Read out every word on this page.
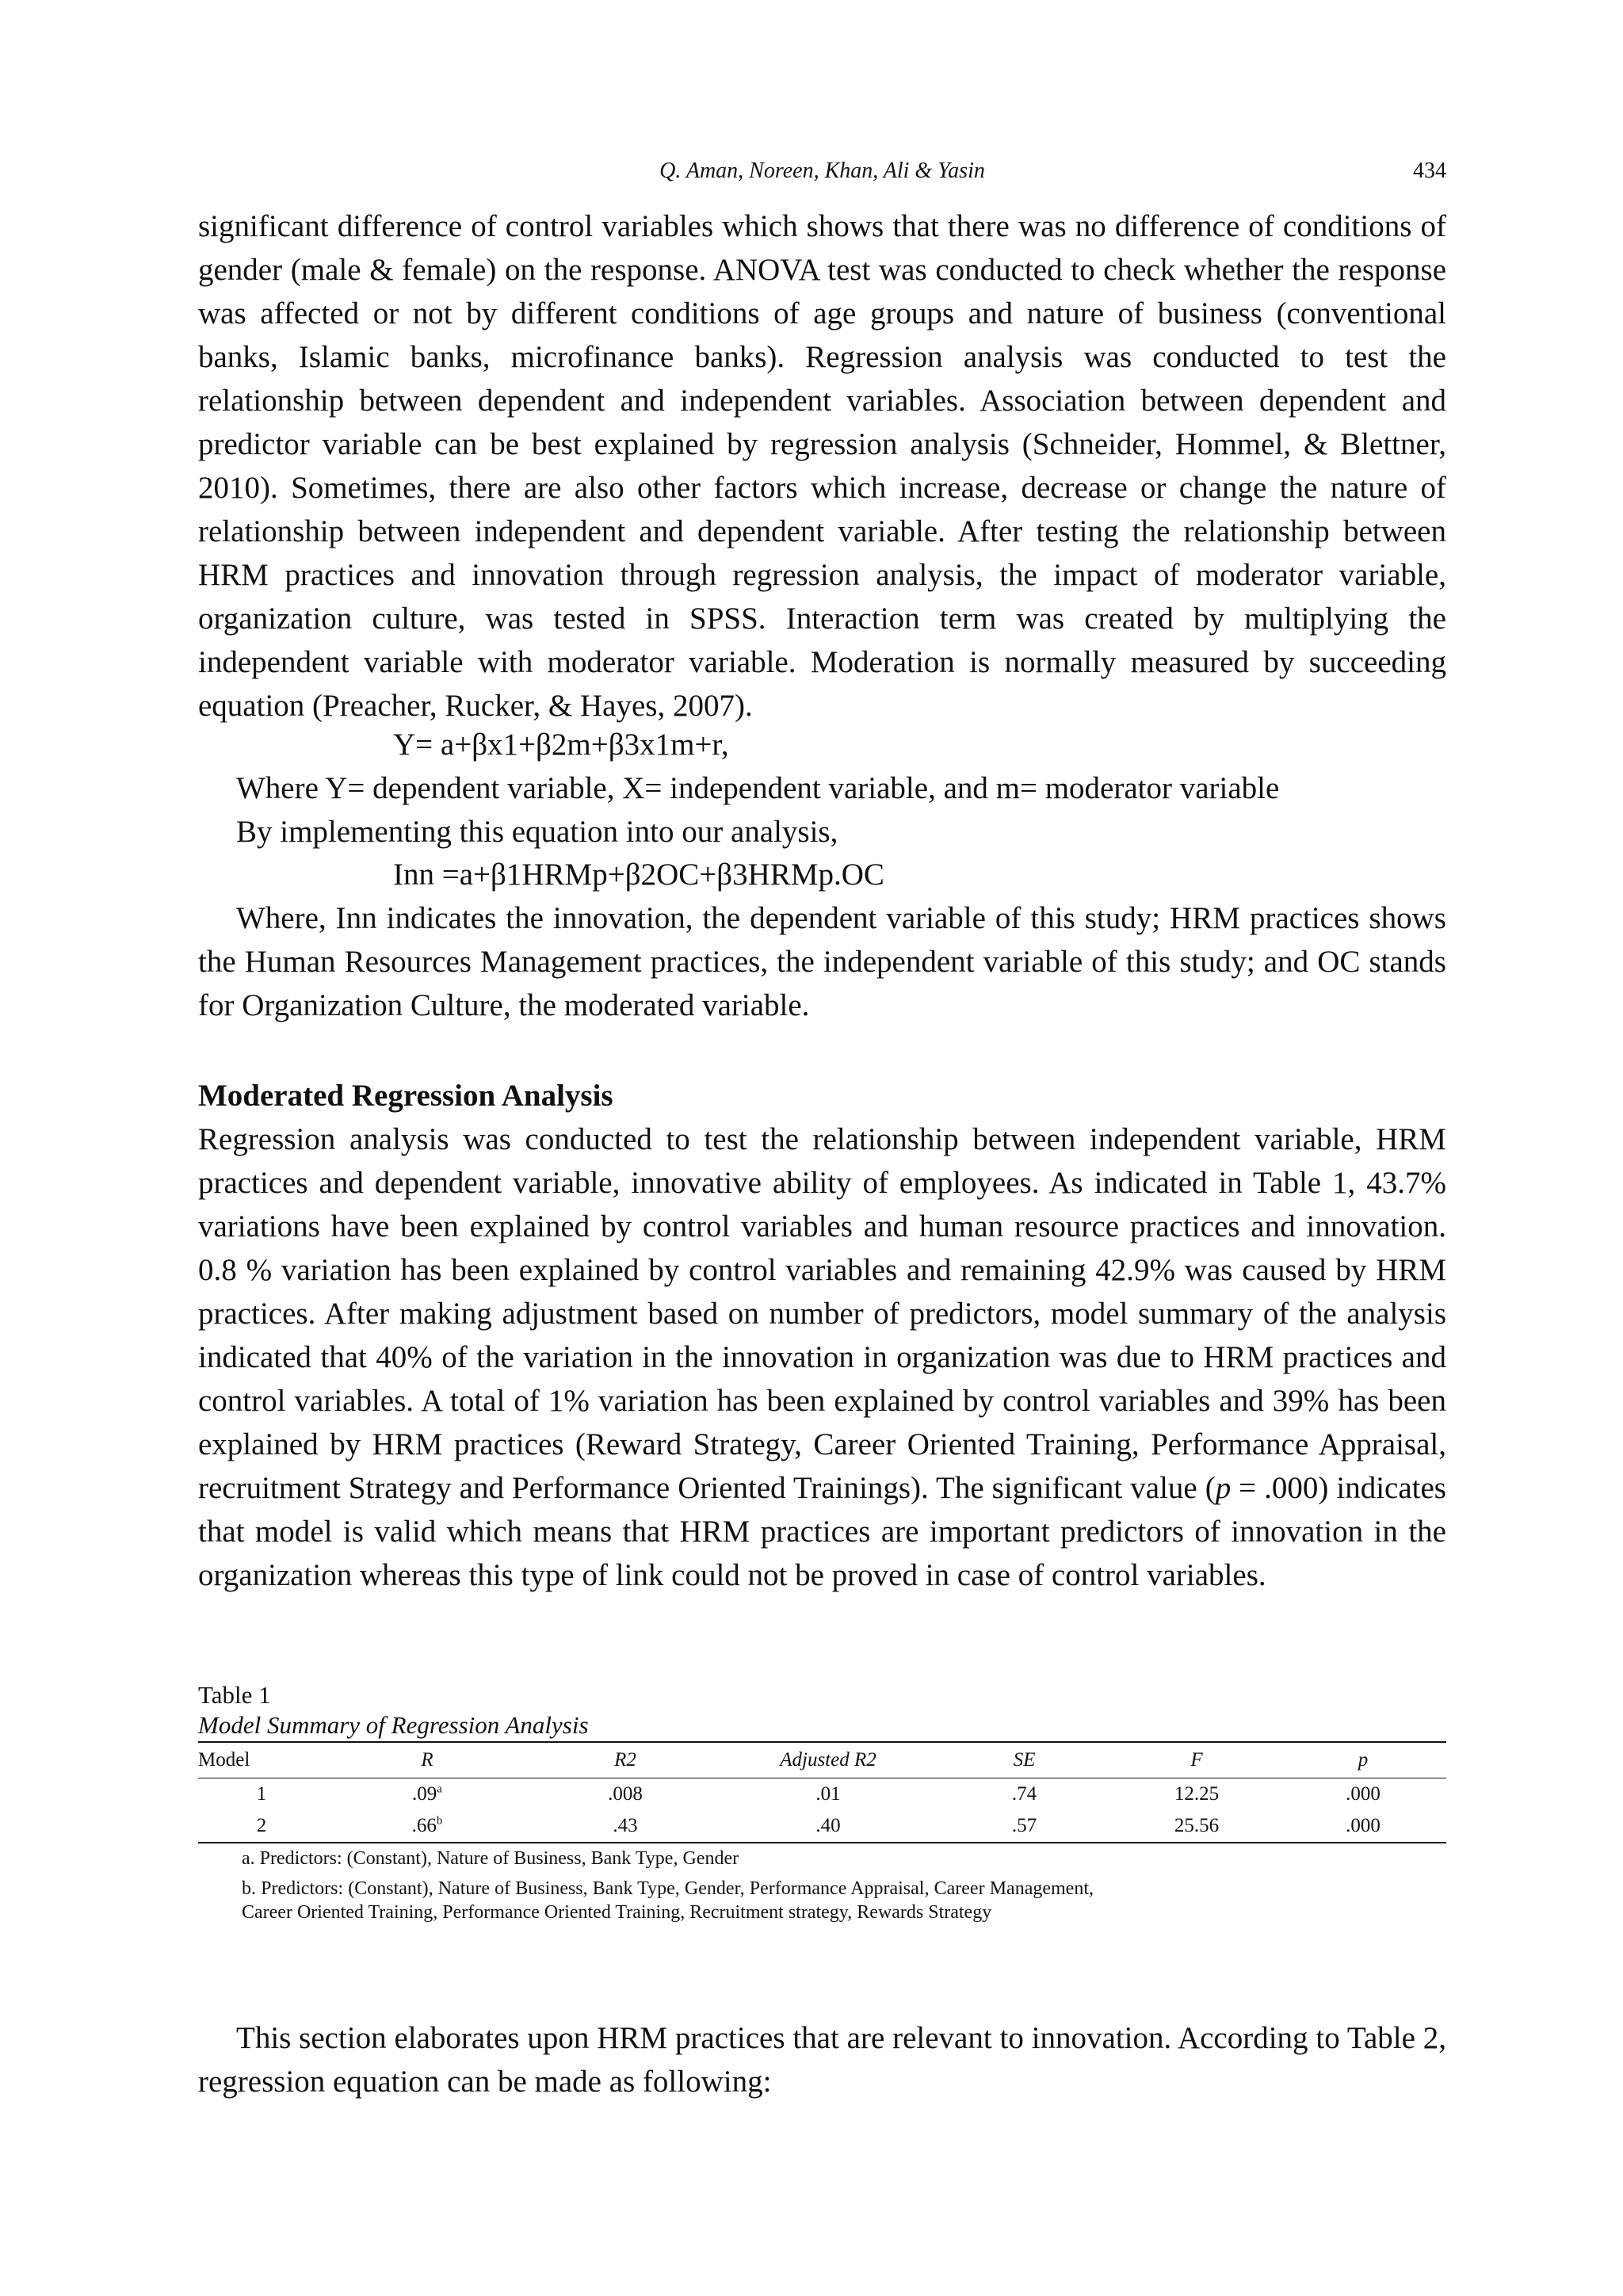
Q. Aman, Noreen, Khan, Ali & Yasin	434

significant difference of control variables which shows that there was no difference of conditions of gender (male & female) on the response. ANOVA test was conducted to check whether the response was affected or not by different conditions of age groups and nature of business (conventional banks, Islamic banks, microfinance banks). Regression analysis was conducted to test the relationship between dependent and independent variables. Association between dependent and predictor variable can be best explained by regression analysis (Schneider, Hommel, & Blettner, 2010). Sometimes, there are also other factors which increase, decrease or change the nature of relationship between independent and dependent variable. After testing the relationship between HRM practices and innovation through regression analysis, the impact of moderator variable, organization culture, was tested in SPSS. Interaction term was created by multiplying the independent variable with moderator variable. Moderation is normally measured by succeeding equation (Preacher, Rucker, & Hayes, 2007).

Y= a+βx1+β2m+β3x1m+r,
Where Y= dependent variable, X= independent variable, and m= moderator variable
By implementing this equation into our analysis,
Inn =a+β1HRMp+β2OC+β3HRMp.OC

Where, Inn indicates the innovation, the dependent variable of this study; HRM practices shows the Human Resources Management practices, the independent variable of this study; and OC stands for Organization Culture, the moderated variable.

Moderated Regression Analysis

Regression analysis was conducted to test the relationship between independent variable, HRM practices and dependent variable, innovative ability of employees. As indicated in Table 1, 43.7% variations have been explained by control variables and human resource practices and innovation. 0.8 % variation has been explained by control variables and remaining 42.9% was caused by HRM practices. After making adjustment based on number of predictors, model summary of the analysis indicated that 40% of the variation in the innovation in organization was due to HRM practices and control variables. A total of 1% variation has been explained by control variables and 39% has been explained by HRM practices (Reward Strategy, Career Oriented Training, Performance Appraisal, recruitment Strategy and Performance Oriented Trainings). The significant value (p = .000) indicates that model is valid which means that HRM practices are important predictors of innovation in the organization whereas this type of link could not be proved in case of control variables.

Table 1
Model Summary of Regression Analysis
Model	R	R2	Adjusted R2	SE	F	p
1	.09$^a$	.008	.01	.74	12.25	.000
2	.66$^b$	.43	.40	.57	25.56	.000
a. Predictors: (Constant), Nature of Business, Bank Type, Gender
b. Predictors: (Constant), Nature of Business, Bank Type, Gender, Performance Appraisal, Career Management, Career Oriented Training, Performance Oriented Training, Recruitment strategy, Rewards Strategy

This section elaborates upon HRM practices that are relevant to innovation. According to Table 2, regression equation can be made as following:
